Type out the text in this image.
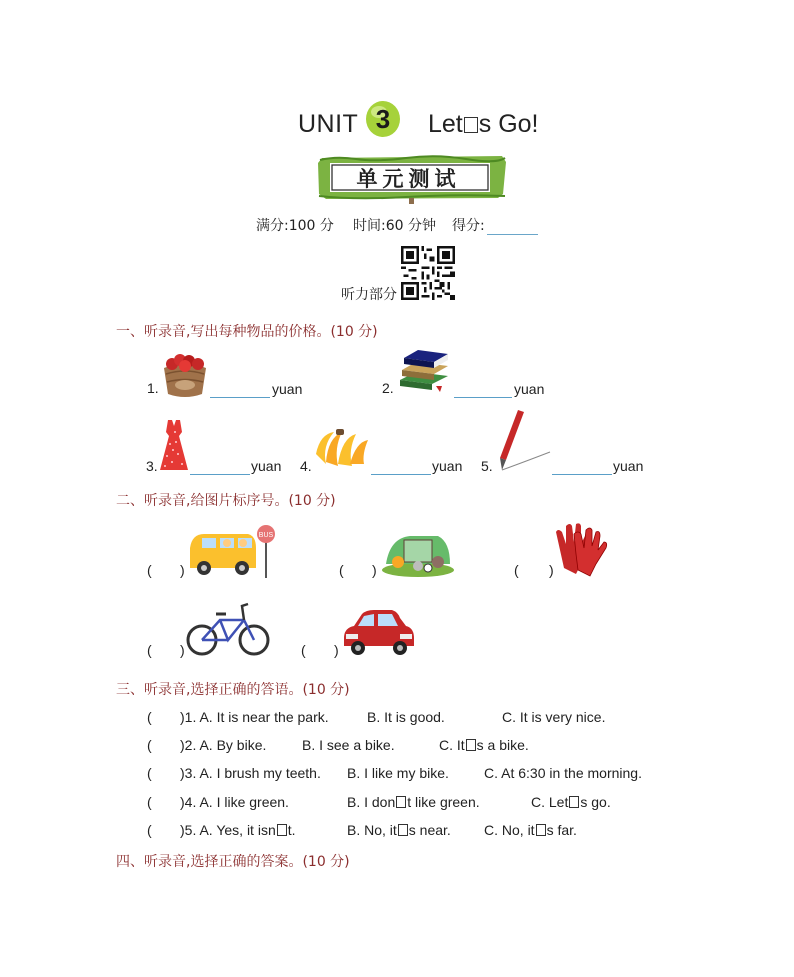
UNIT 3 Let s Go!
单元测试
满分:100 分 时间:60 分钟 得分:
听力部分
一、听录音,写出每种物品的价格。(10 分)
1.	yuan	2.	yuan
3.	yuan 4.	yuan 5.	yuan
二、听录音,给图片标序号。(10 分)
( )
BUS
( )	( )
( )	( )
三、听录音,选择正确的答语。(10 分)
( )1. A. It is near the park.	B. It is good.	C. It is very nice.
( )2. A. By bike.	B. I see a bike.	C. It s a bike.
( )3. A. I brush my teeth. B. I like my bike.	C. At 6:30 in the morning.
( )4. A. I like green.	B. I don t like green.	C. Let s go.
( )5. A. Yes, it isn t.	B. No, it s near. C. No, it s far.
四、听录音,选择正确的答案。(10 分)
